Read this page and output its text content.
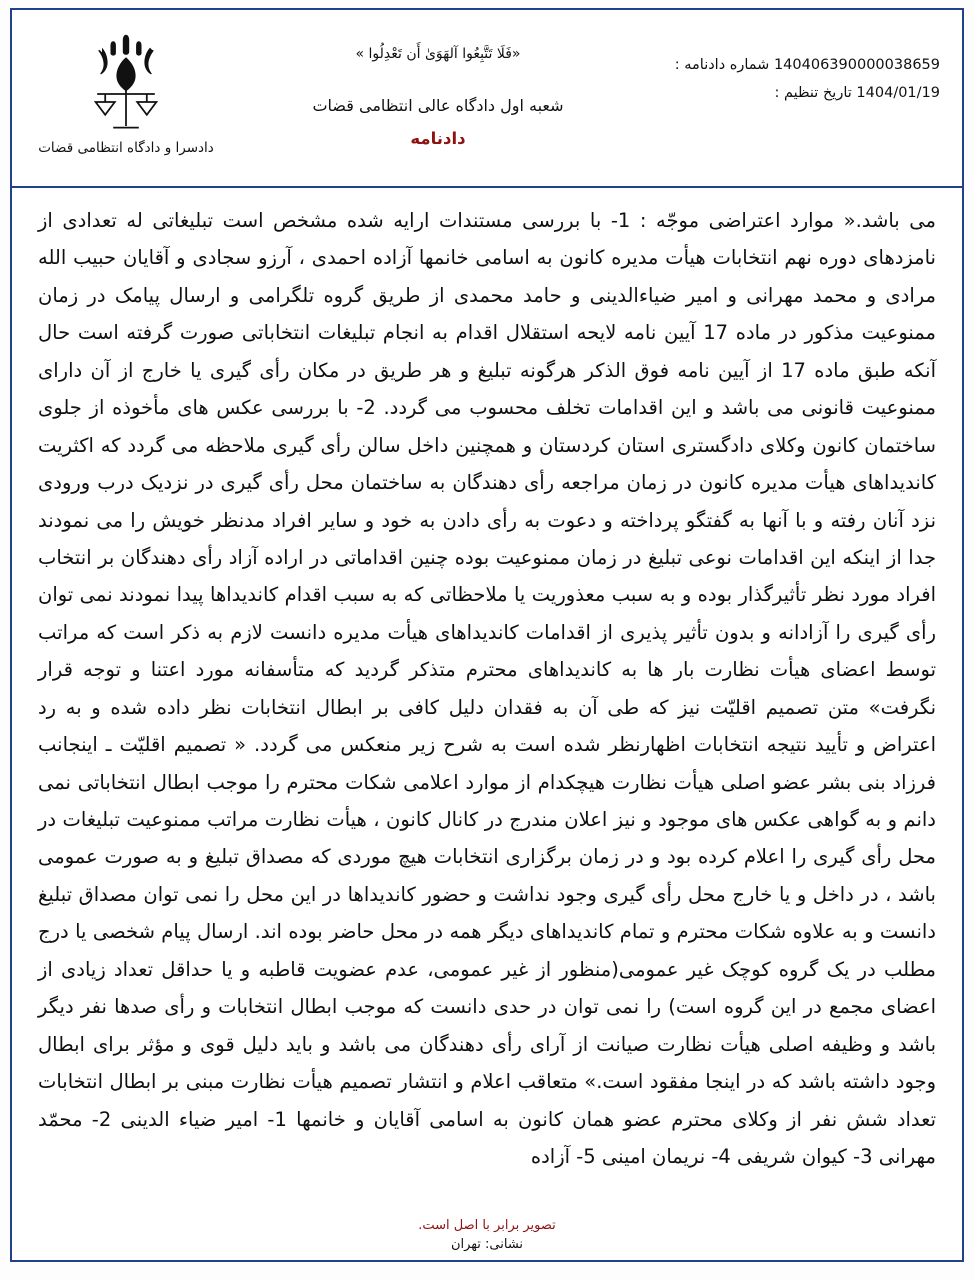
140406390000038659 شماره دادنامه :
1404/01/19 تاریخ تنظیم :
«فَلَا تَتَّبِعُوا آلهَوَیٰ أَن تَعْدِلُوا »
شعبه اول دادگاه عالی انتظامی قضات
دادنامه
دادسرا و دادگاه انتظامی قضات

می باشد.« موارد اعتراضی موجّه : 1- با بررسی مستندات ارایه شده مشخص است تبلیغاتی له تعدادی از نامزدهای دوره نهم انتخابات هیأت مدیره کانون به اسامی خانمها آزاده احمدی ، آرزو سجادی و آقایان حبیب الله مرادی و محمد مهرانی و امیر ضیاءالدینی و حامد محمدی از طریق گروه تلگرامی و ارسال پیامک در زمان ممنوعیت مذکور در ماده 17 آیین نامه لایحه استقلال اقدام به انجام تبلیغات انتخاباتی صورت گرفته است حال آنکه طبق ماده 17 از آیین نامه فوق الذکر هرگونه تبلیغ و هر طریق در مکان رأی گیری یا خارج از آن دارای ممنوعیت قانونی می باشد و این اقدامات تخلف محسوب می گردد. 2- با بررسی عکس های مأخوذه از جلوی ساختمان کانون وکلای دادگستری استان کردستان و همچنین داخل سالن رأی گیری ملاحظه می گردد که اکثریت کاندیداهای هیأت مدیره کانون در زمان مراجعه رأی دهندگان به ساختمان محل رأی گیری در نزدیک درب ورودی نزد آنان رفته و با آنها به گفتگو پرداخته و دعوت به رأی دادن به خود و سایر افراد مدنظر خویش را می نمودند جدا از اینکه این اقدامات نوعی تبلیغ در زمان ممنوعیت بوده چنین اقداماتی در اراده آزاد رأی دهندگان بر انتخاب افراد مورد نظر تأثیرگذار بوده و به سبب معذوریت یا ملاحظاتی که به سبب اقدام کاندیداها پیدا نمودند نمی توان رأی گیری را آزادانه و بدون تأثیر پذیری از اقدامات کاندیداهای هیأت مدیره دانست لازم به ذکر است که مراتب توسط اعضای هیأت نظارت بار ها به کاندیداهای محترم متذکر گردید که متأسفانه مورد اعتنا و توجه قرار نگرفت» متن تصمیم اقلیّت نیز که طی آن به فقدان دلیل کافی بر ابطال انتخابات نظر داده شده و به رد اعتراض و تأیید نتیجه انتخابات اظهارنظر شده است به شرح زیر منعکس می گردد. « تصمیم اقلیّت ـ اینجانب فرزاد بنی بشر عضو اصلی هیأت نظارت هیچکدام از موارد اعلامی شکات محترم را موجب ابطال انتخاباتی نمی دانم و به گواهی عکس های موجود و نیز اعلان مندرج در کانال کانون ، هیأت نظارت مراتب ممنوعیت تبلیغات در محل رأی گیری را اعلام کرده بود و در زمان برگزاری انتخابات هیچ موردی که مصداق تبلیغ و به صورت عمومی باشد ، در داخل و یا خارج محل رأی گیری وجود نداشت و حضور کاندیداها در این محل را نمی توان مصداق تبلیغ دانست و به علاوه شکات محترم و تمام کاندیداهای دیگر همه در محل حاضر بوده اند. ارسال پیام شخصی یا درج مطلب در یک گروه کوچک غیر عمومی(منظور از غیر عمومی، عدم عضویت قاطبه و یا حداقل تعداد زیادی از اعضای مجمع در این گروه است) را نمی توان در حدی دانست که موجب ابطال انتخابات و رأی صدها نفر دیگر باشد و وظیفه اصلی هیأت نظارت صیانت از آرای رأی دهندگان می باشد و باید دلیل قوی و مؤثر برای ابطال وجود داشته باشد که در اینجا مفقود است.» متعاقب اعلام و انتشار تصمیم هیأت نظارت مبنی بر ابطال انتخابات تعداد شش نفر از وکلای محترم عضو همان کانون به اسامی آقایان و خانمها 1- امیر ضیاء الدینی 2- محمّد مهرانی 3- کیوان شریفی 4- نریمان امینی 5- آزاده

تصویر برابر با اصل است.
نشانی: تهران
